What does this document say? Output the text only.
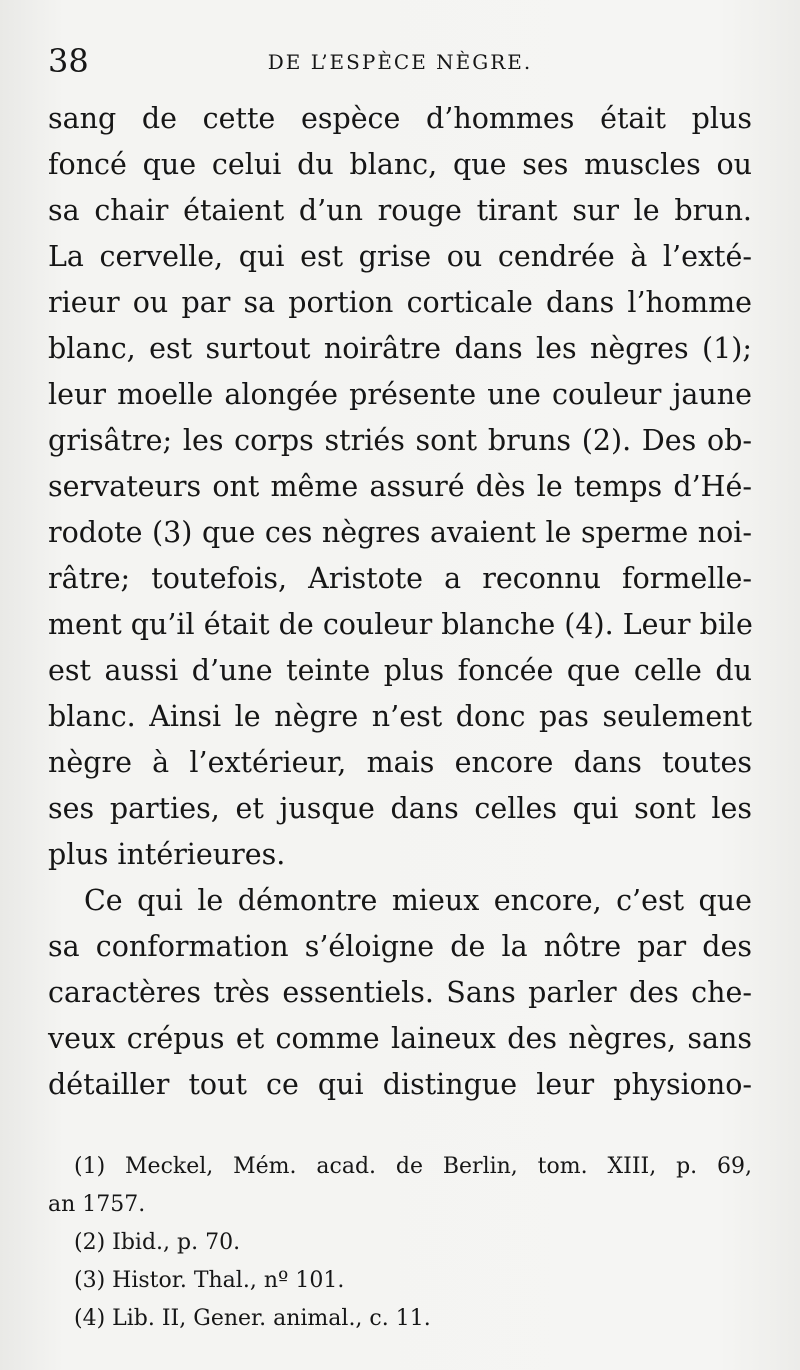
38	DE L’ESPÈCE NÈGRE.
sang de cette espèce d’hommes était plus
foncé que celui du blanc, que ses muscles ou
sa chair étaient d’un rouge tirant sur le brun.
La cervelle, qui est grise ou cendrée à l’exté-
rieur ou par sa portion corticale dans l’homme
blanc, est surtout noirâtre dans les nègres (1);
leur moelle alongée présente une couleur jaune
grisâtre; les corps striés sont bruns (2). Des ob-
servateurs ont même assuré dès le temps d’Hé-
rodote (3) que ces nègres avaient le sperme noi-
râtre; toutefois, Aristote a reconnu formelle-
ment qu’il était de couleur blanche (4). Leur bile
est aussi d’une teinte plus foncée que celle du
blanc. Ainsi le nègre n’est donc pas seulement
nègre à l’extérieur, mais encore dans toutes
ses parties, et jusque dans celles qui sont les
plus intérieures.
Ce qui le démontre mieux encore, c’est que
sa conformation s’éloigne de la nôtre par des
caractères très essentiels. Sans parler des che-
veux crépus et comme laineux des nègres, sans
détailler tout ce qui distingue leur physiono-
(1) Meckel, Mém. acad. de Berlin, tom. XIII, p. 69,
an 1757.
(2) Ibid., p. 70.
(3) Histor. Thal., nº 101.
(4) Lib. II, Gener. animal., c. 11.
